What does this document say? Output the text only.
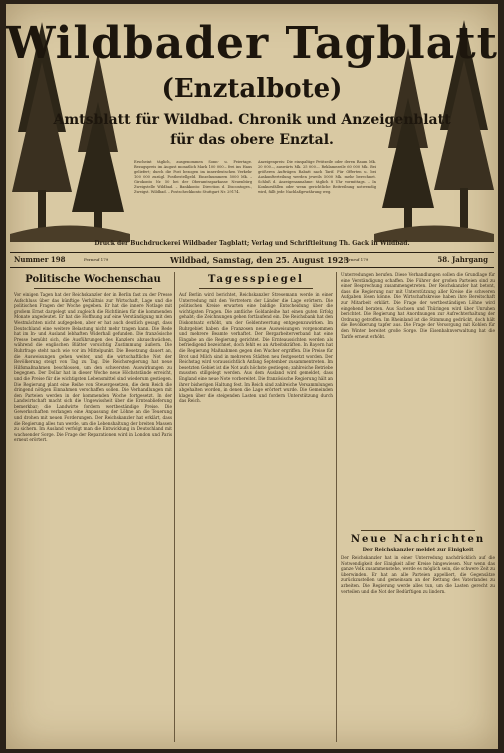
Wildbader Tagblatt
(Enztalbote)
Amtsblatt für Wildbad. Chronik und Anzeigenblatt
für das obere Enztal.
Erscheint täglich, ausgenommen Sonn- u. Feiertage. Bezugspreis im August monatlich Mark 100 000.– frei ins Haus geliefert; durch die Post bezogen im innerdeutschen Verkehr 100 000 zuzügl. Postbestellgeld. Einzelnummern 5000 Mk. – Girokonto Nr. 50 bei der Oberamtssparkasse Neuenbürg Zweigstelle Wildbad. – Bankkonto: Direction d. Discontoges., Zweigst. Wildbad. – Postscheckkonto Stuttgart Nr. 29174.
Anzeigenpreis: Die einspaltige Petitzeile oder deren Raum Mk. 20 000.–, auswärts Mk. 25 000.–. Reklamezeile 60 000 Mk. Bei größeren Aufträgen Rabatt nach Tarif. Für Offerten u. bei Auskunfterteilung werden jeweils 5000 Mk. mehr berechnet. Schluß d. Anzeigenannahme: täglich 8 Uhr vormittags. – In Konkursfällen oder wenn gerichtliche Beitreibung notwendig wird, fällt jede Nachlaßgewährung weg.
Druck der Buchdruckerei Wildbader Tagblatt; Verlag und Schriftleitung Th. Gack in Wildbad.
Nummer 198	Fernruf 179	Wildbad, Samstag, den 25. August 1923
Fernruf 179	58. Jahrgang
Politische Wochenschau
Vor einigen Tagen hat der Reichskanzler der in Berlin fast zu der Presse Aufschluss über das künftige Verhältnis zur Wirtschaft, Lage und die politischen Fragen der Woche gegeben. Er hat die innere Notlage mit großem Ernst dargelegt und zugleich die Richtlinien für die kommenden Monate angedeutet. Er hat die Hoffnung auf eine Verständigung mit den Westmächten nicht aufgegeben, aber er hat auch deutlich gesagt, dass Deutschland eine weitere Belastung nicht mehr tragen kann. Die Rede hat im In- und Ausland lebhaften Widerhall gefunden. Die französische Presse bemüht sich, die Ausführungen des Kanzlers abzuschwächen, während die englischen Blätter vorsichtig Zustimmung äußern. Die Ruhrfrage steht nach wie vor im Mittelpunkt. Die Besetzung dauert an, die Ausweisungen gehen weiter, und die wirtschaftliche Not der Bevölkerung steigt von Tag zu Tag. Die Reichsregierung hat neue Hilfsmaßnahmen beschlossen, um den schwersten Auswirkungen zu begegnen. Der Dollar hat in dieser Woche neue Höchststände erreicht, und die Preise für die wichtigsten Lebensmittel sind wiederum gestiegen. Die Regierung plant eine Reihe von Steuergesetzen, die dem Reich die dringend nötigen Einnahmen verschaffen sollen. Die Verhandlungen mit den Parteien werden in der kommenden Woche fortgesetzt. In der Landwirtschaft macht sich die Ungewissheit über die Ernteablieferung bemerkbar; die Landwirte fordern wertbeständige Preise. Die Gewerkschaften verlangen eine Anpassung der Löhne an die Teuerung und drohen mit neuen Forderungen. Der Reichskanzler hat erklärt, dass die Regierung alles tun werde, um die Lebenshaltung der breiten Massen zu sichern. Im Ausland verfolgt man die Entwicklung in Deutschland mit wachsender Sorge. Die Frage der Reparationen wird in London und Paris erneut erörtert.
Tagesspiegel
Auf Berlin wird berichtet, Reichskanzler Stresemann werde in einer Unterredung mit den Vertretern der Länder die Lage erörtern. Die politischen Kreise erwarten eine baldige Entscheidung über die wichtigsten Fragen. Die amtliche Goldanleihe hat einen guten Erfolg gehabt; die Zeichnungen gehen fortlaufend ein. Die Reichsbank hat den Diskontsatz erhöht, um der Geldentwertung entgegenzuwirken. Im Ruhrgebiet haben die Franzosen neue Ausweisungen vorgenommen und mehrere Beamte verhaftet. Der Bergarbeiterverband hat eine Eingabe an die Regierung gerichtet. Die Ernteaussichten werden als befriedigend bezeichnet, doch fehlt es an Arbeitskräften. In Bayern hat die Regierung Maßnahmen gegen den Wucher ergriffen. Die Preise für Brot und Milch sind in mehreren Städten neu festgesetzt worden. Der Reichstag wird voraussichtlich Anfang September zusammentreten. Im besetzten Gebiet ist die Not aufs höchste gestiegen; zahlreiche Betriebe mussten stillgelegt werden. Aus dem Ausland wird gemeldet, dass England eine neue Note vorbereitet. Die französische Regierung hält an ihrer bisherigen Haltung fest. Im Reich sind zahlreiche Versammlungen abgehalten worden, in denen die Lage erörtert wurde. Die Gemeinden klagen über die steigenden Lasten und fordern Unterstützung durch das Reich.
Unterredungen berufen. Diese Verhandlungen sollen die Grundlage für eine Verständigung schaffen. Die Führer der großen Parteien sind zu einer Besprechung zusammengetreten. Der Reichskanzler hat betont, dass die Regierung nur mit Unterstützung aller Kreise die schweren Aufgaben lösen könne. Die Wirtschaftskreise haben ihre Bereitschaft zur Mitarbeit erklärt. Die Frage der wertbeständigen Löhne wird eingehend beraten. Aus Sachsen und Thüringen wird über Unruhen berichtet. Die Regierung hat Anordnungen zur Aufrechterhaltung der Ordnung getroffen. Im Rheinland ist die Stimmung gedrückt, doch hält die Bevölkerung tapfer aus. Die Frage der Versorgung mit Kohlen für den Winter bereitet große Sorge. Die Eisenbahnverwaltung hat die Tarife erneut erhöht.
Neue Nachrichten
Der Reichskanzler meldet zur Einigkeit
Der Reichskanzler hat in einer Unterredung nachdrücklich auf die Notwendigkeit der Einigkeit aller Kreise hingewiesen. Nur wenn das ganze Volk zusammenstehe, werde es möglich sein, die schwere Zeit zu überwinden. Er hat an alle Parteien appelliert, die Gegensätze zurückzustellen und gemeinsam an der Rettung des Vaterlandes zu arbeiten. Die Regierung werde alles tun, um die Lasten gerecht zu verteilen und die Not der Bedürftigen zu lindern.
